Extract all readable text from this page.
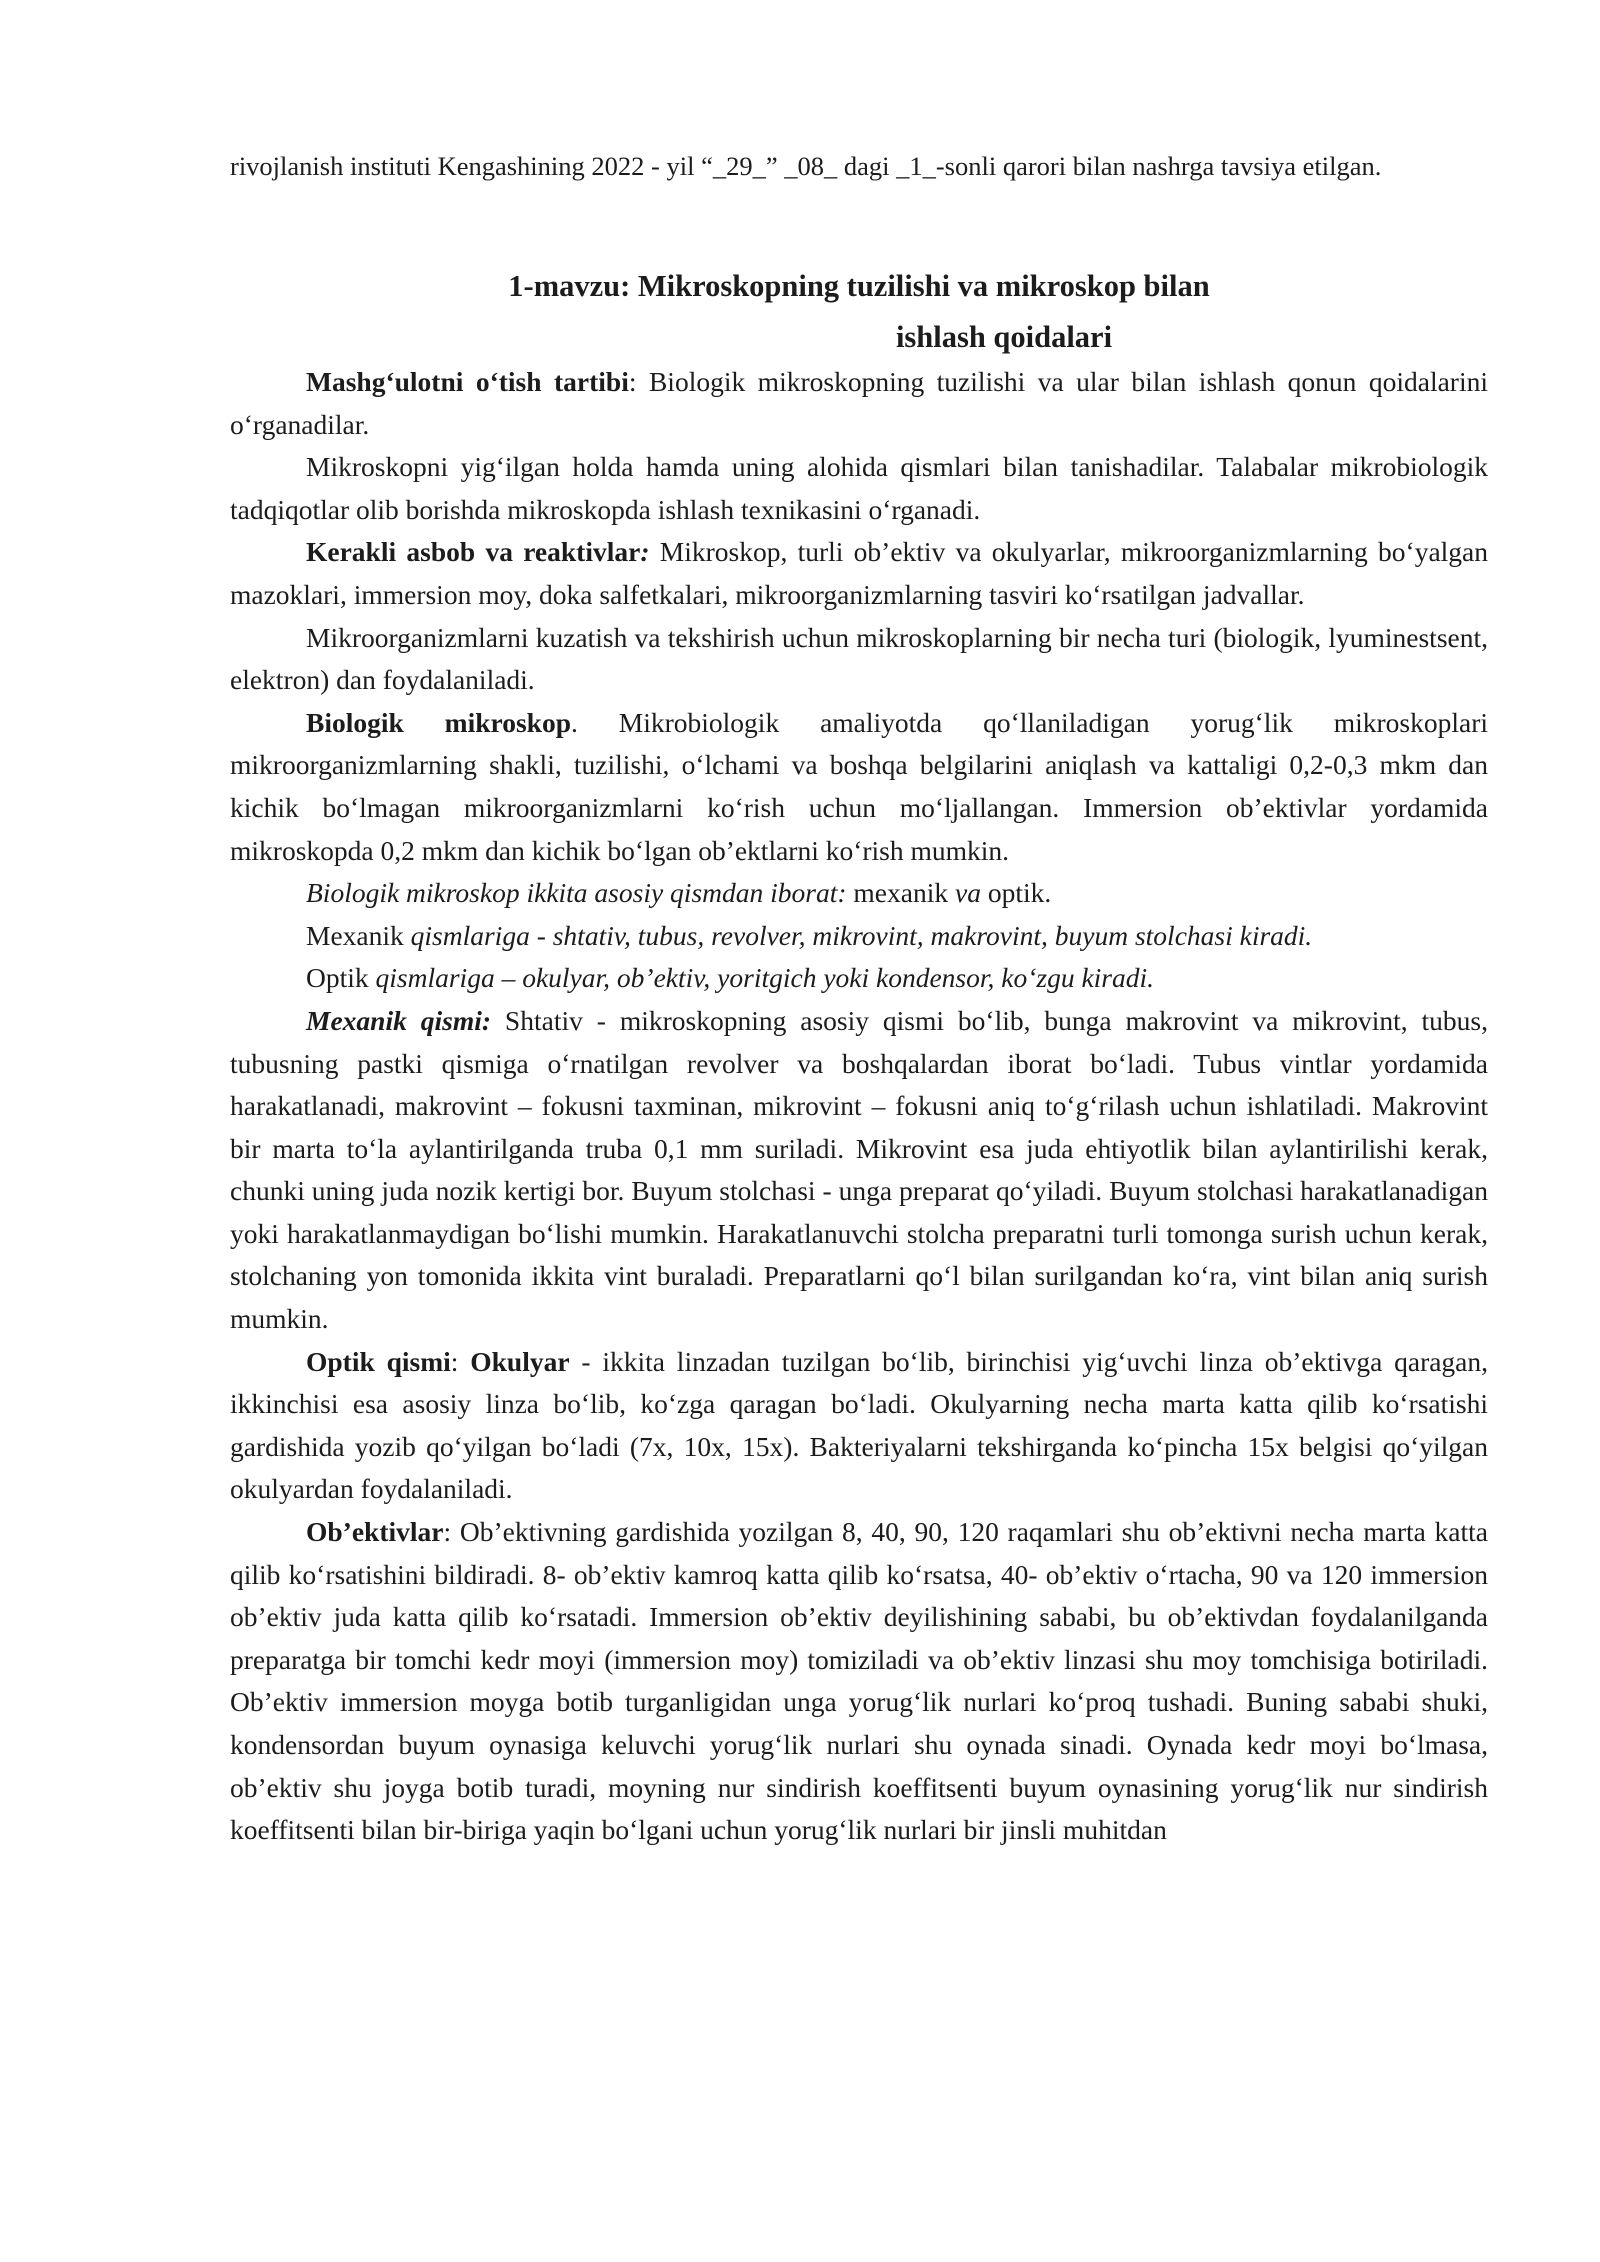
rivojlanish instituti Kengashining 2022 - yil “_29_” _08_ dagi _1_-sonli qarori bilan nashrga tavsiya etilgan.

1-mavzu: Mikroskopning tuzilishi va mikroskop bilan

ishlash qoidalari

Mashg‘ulotni o‘tish tartibi: Biologik mikroskopning tuzilishi va ular bilan ishlash qonun qoidalarini o‘rganadilar.

Mikroskopni yig‘ilgan holda hamda uning alohida qismlari bilan tanishadilar. Talabalar mikrobiologik tadqiqotlar olib borishda mikroskopda ishlash texnikasini o‘rganadi.

Kerakli asbob va reaktivlar: Mikroskop, turli ob’ektiv va okulyarlar, mikroorganizmlarning bo‘yalgan mazoklari, immersion moy, doka salfetkalari, mikroorganizmlarning tasviri ko‘rsatilgan jadvallar.

Mikroorganizmlarni kuzatish va tekshirish uchun mikroskoplarning bir necha turi (biologik, lyuminestsent, elektron) dan foydalaniladi.

Biologik mikroskop. Mikrobiologik amaliyotda qo‘llaniladigan yorug‘lik mikroskoplari mikroorganizmlarning shakli, tuzilishi, o‘lchami va boshqa belgilarini aniqlash va kattaligi 0,2-0,3 mkm dan kichik bo‘lmagan mikroorganizmlarni ko‘rish uchun mo‘ljallangan. Immersion ob’ektivlar yordamida mikroskopda 0,2 mkm dan kichik bo‘lgan ob’ektlarni ko‘rish mumkin.

Biologik mikroskop ikkita asosiy qismdan iborat: mexanik va optik.

Mexanik qismlariga - shtativ, tubus, revolver, mikrovint, makrovint, buyum stolchasi kiradi.

Optik qismlariga – okulyar, ob’ektiv, yoritgich yoki kondensor, ko‘zgu kiradi.

Mexanik qismi: Shtativ - mikroskopning asosiy qismi bo‘lib, bunga makrovint va mikrovint, tubus, tubusning pastki qismiga o‘rnatilgan revolver va boshqalardan iborat bo‘ladi. Tubus vintlar yordamida harakatlanadi, makrovint – fokusni taxminan, mikrovint – fokusni aniq to‘g‘rilash uchun ishlatiladi. Makrovint bir marta to‘la aylantirilganda truba 0,1 mm suriladi. Mikrovint esa juda ehtiyotlik bilan aylantirilishi kerak, chunki uning juda nozik kertigi bor. Buyum stolchasi - unga preparat qo‘yiladi. Buyum stolchasi harakatlanadigan yoki harakatlanmaydigan bo‘lishi mumkin. Harakatlanuvchi stolcha preparatni turli tomonga surish uchun kerak, stolchaning yon tomonida ikkita vint buraladi. Preparatlarni qo‘l bilan surilgandan ko‘ra, vint bilan aniq surish mumkin.

Optik qismi: Okulyar - ikkita linzadan tuzilgan bo‘lib, birinchisi yig‘uvchi linza ob’ektivga qaragan, ikkinchisi esa asosiy linza bo‘lib, ko‘zga qaragan bo‘ladi. Okulyarning necha marta katta qilib ko‘rsatishi gardishida yozib qo‘yilgan bo‘ladi (7x, 10x, 15x). Bakteriyalarni tekshirganda ko‘pincha 15x belgisi qo‘yilgan okulyardan foydalaniladi.

Ob’ektivlar: Ob’ektivning gardishida yozilgan 8, 40, 90, 120 raqamlari shu ob’ektivni necha marta katta qilib ko‘rsatishini bildiradi. 8- ob’ektiv kamroq katta qilib ko‘rsatsa, 40- ob’ektiv o‘rtacha, 90 va 120 immersion ob’ektiv juda katta qilib ko‘rsatadi. Immersion ob’ektiv deyilishining sababi, bu ob’ektivdan foydalanilganda preparatga bir tomchi kedr moyi (immersion moy) tomiziladi va ob’ektiv linzasi shu moy tomchisiga botiriladi. Ob’ektiv immersion moyga botib turganligidan unga yorug‘lik nurlari ko‘proq tushadi. Buning sababi shuki, kondensordan buyum oynasiga keluvchi yorug‘lik nurlari shu oynada sinadi. Oynada kedr moyi bo‘lmasa, ob’ektiv shu joyga botib turadi, moyning nur sindirish koeffitsenti buyum oynasining yorug‘lik nur sindirish koeffitsenti bilan bir-biriga yaqin bo‘lgani uchun yorug‘lik nurlari bir jinsli muhitdan
